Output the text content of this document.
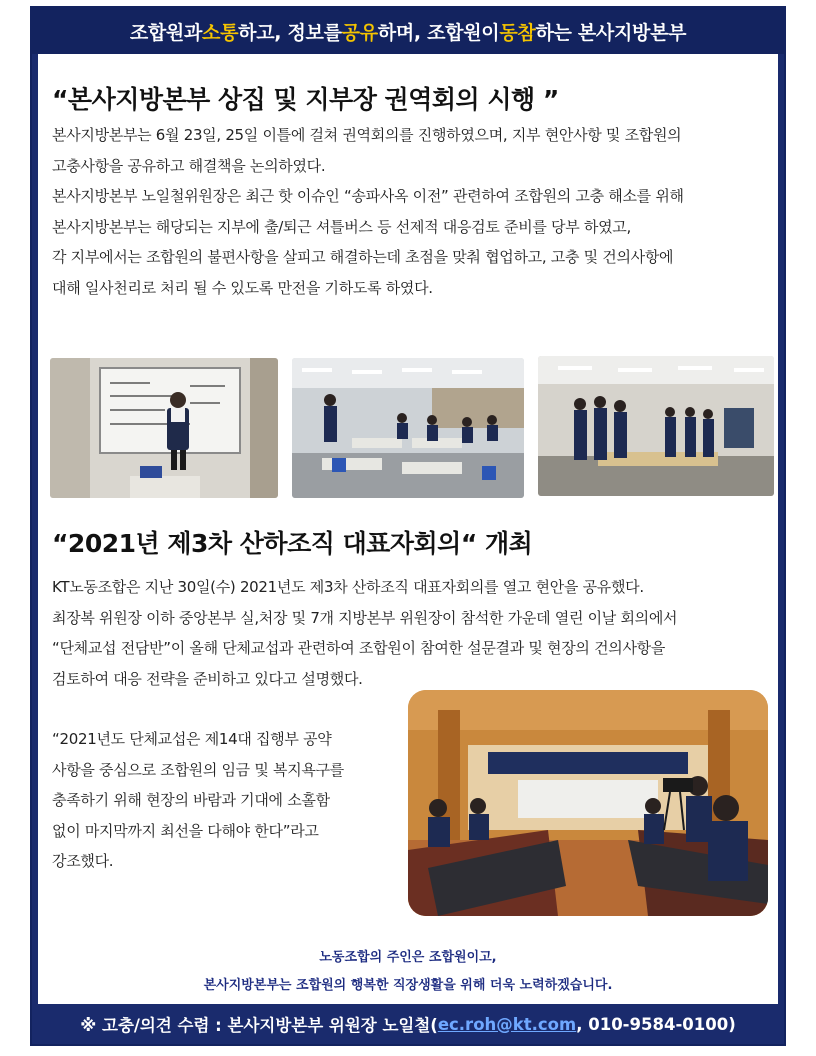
조합원과 소통 하고, 정보를 공유 하며, 조합원이 동참 하는 본사지방본부
“본사지방본부 상집 및 지부장 권역회의 시행 ”

본사지방본부는 6월 23일, 25일 이틀에 걸쳐 권역회의를 진행하였으며, 지부 현안사항 및 조합원의

고충사항을 공유하고 해결책을 논의하였다.

본사지방본부 노일철위원장은 최근 핫 이슈인 “송파사옥 이전” 관련하여 조합원의 고충 해소를 위해

본사지방본부는 해당되는 지부에 출/퇴근 셔틀버스 등 선제적 대응검토 준비를 당부 하였고,

각 지부에서는 조합원의 불편사항을 살피고 해결하는데 초점을 맞춰 협업하고, 고충 및 건의사항에

대해 일사천리로 처리 될 수 있도록 만전을 기하도록 하였다.

“2021년 제3차 산하조직 대표자회의“ 개최

KT노동조합은 지난 30일(수) 2021년도 제3차 산하조직 대표자회의를 열고 현안을 공유했다.

최장복 위원장 이하 중앙본부 실,처장 및 7개 지방본부 위원장이 참석한 가운데 열린 이날 회의에서

“단체교섭 전담반”이 올해 단체교섭과 관련하여 조합원이 참여한 설문결과 및 현장의 건의사항을

검토하여 대응 전략을 준비하고 있다고 설명했다.

“2021년도 단체교섭은 제14대 집행부 공약

사항을 중심으로 조합원의 임금 및 복지욕구를

충족하기 위해 현장의 바람과 기대에 소홀함

없이 마지막까지 최선을 다해야 한다”라고

강조했다.

노동조합의 주인은 조합원이고,
본사지방본부는 조합원의 행복한 직장생활을 위해 더욱 노력하겠습니다.
※ 고충/의견 수렴 : 본사지방본부 위원장 노일철( ec.roh@kt.com , 010-9584-0100)
